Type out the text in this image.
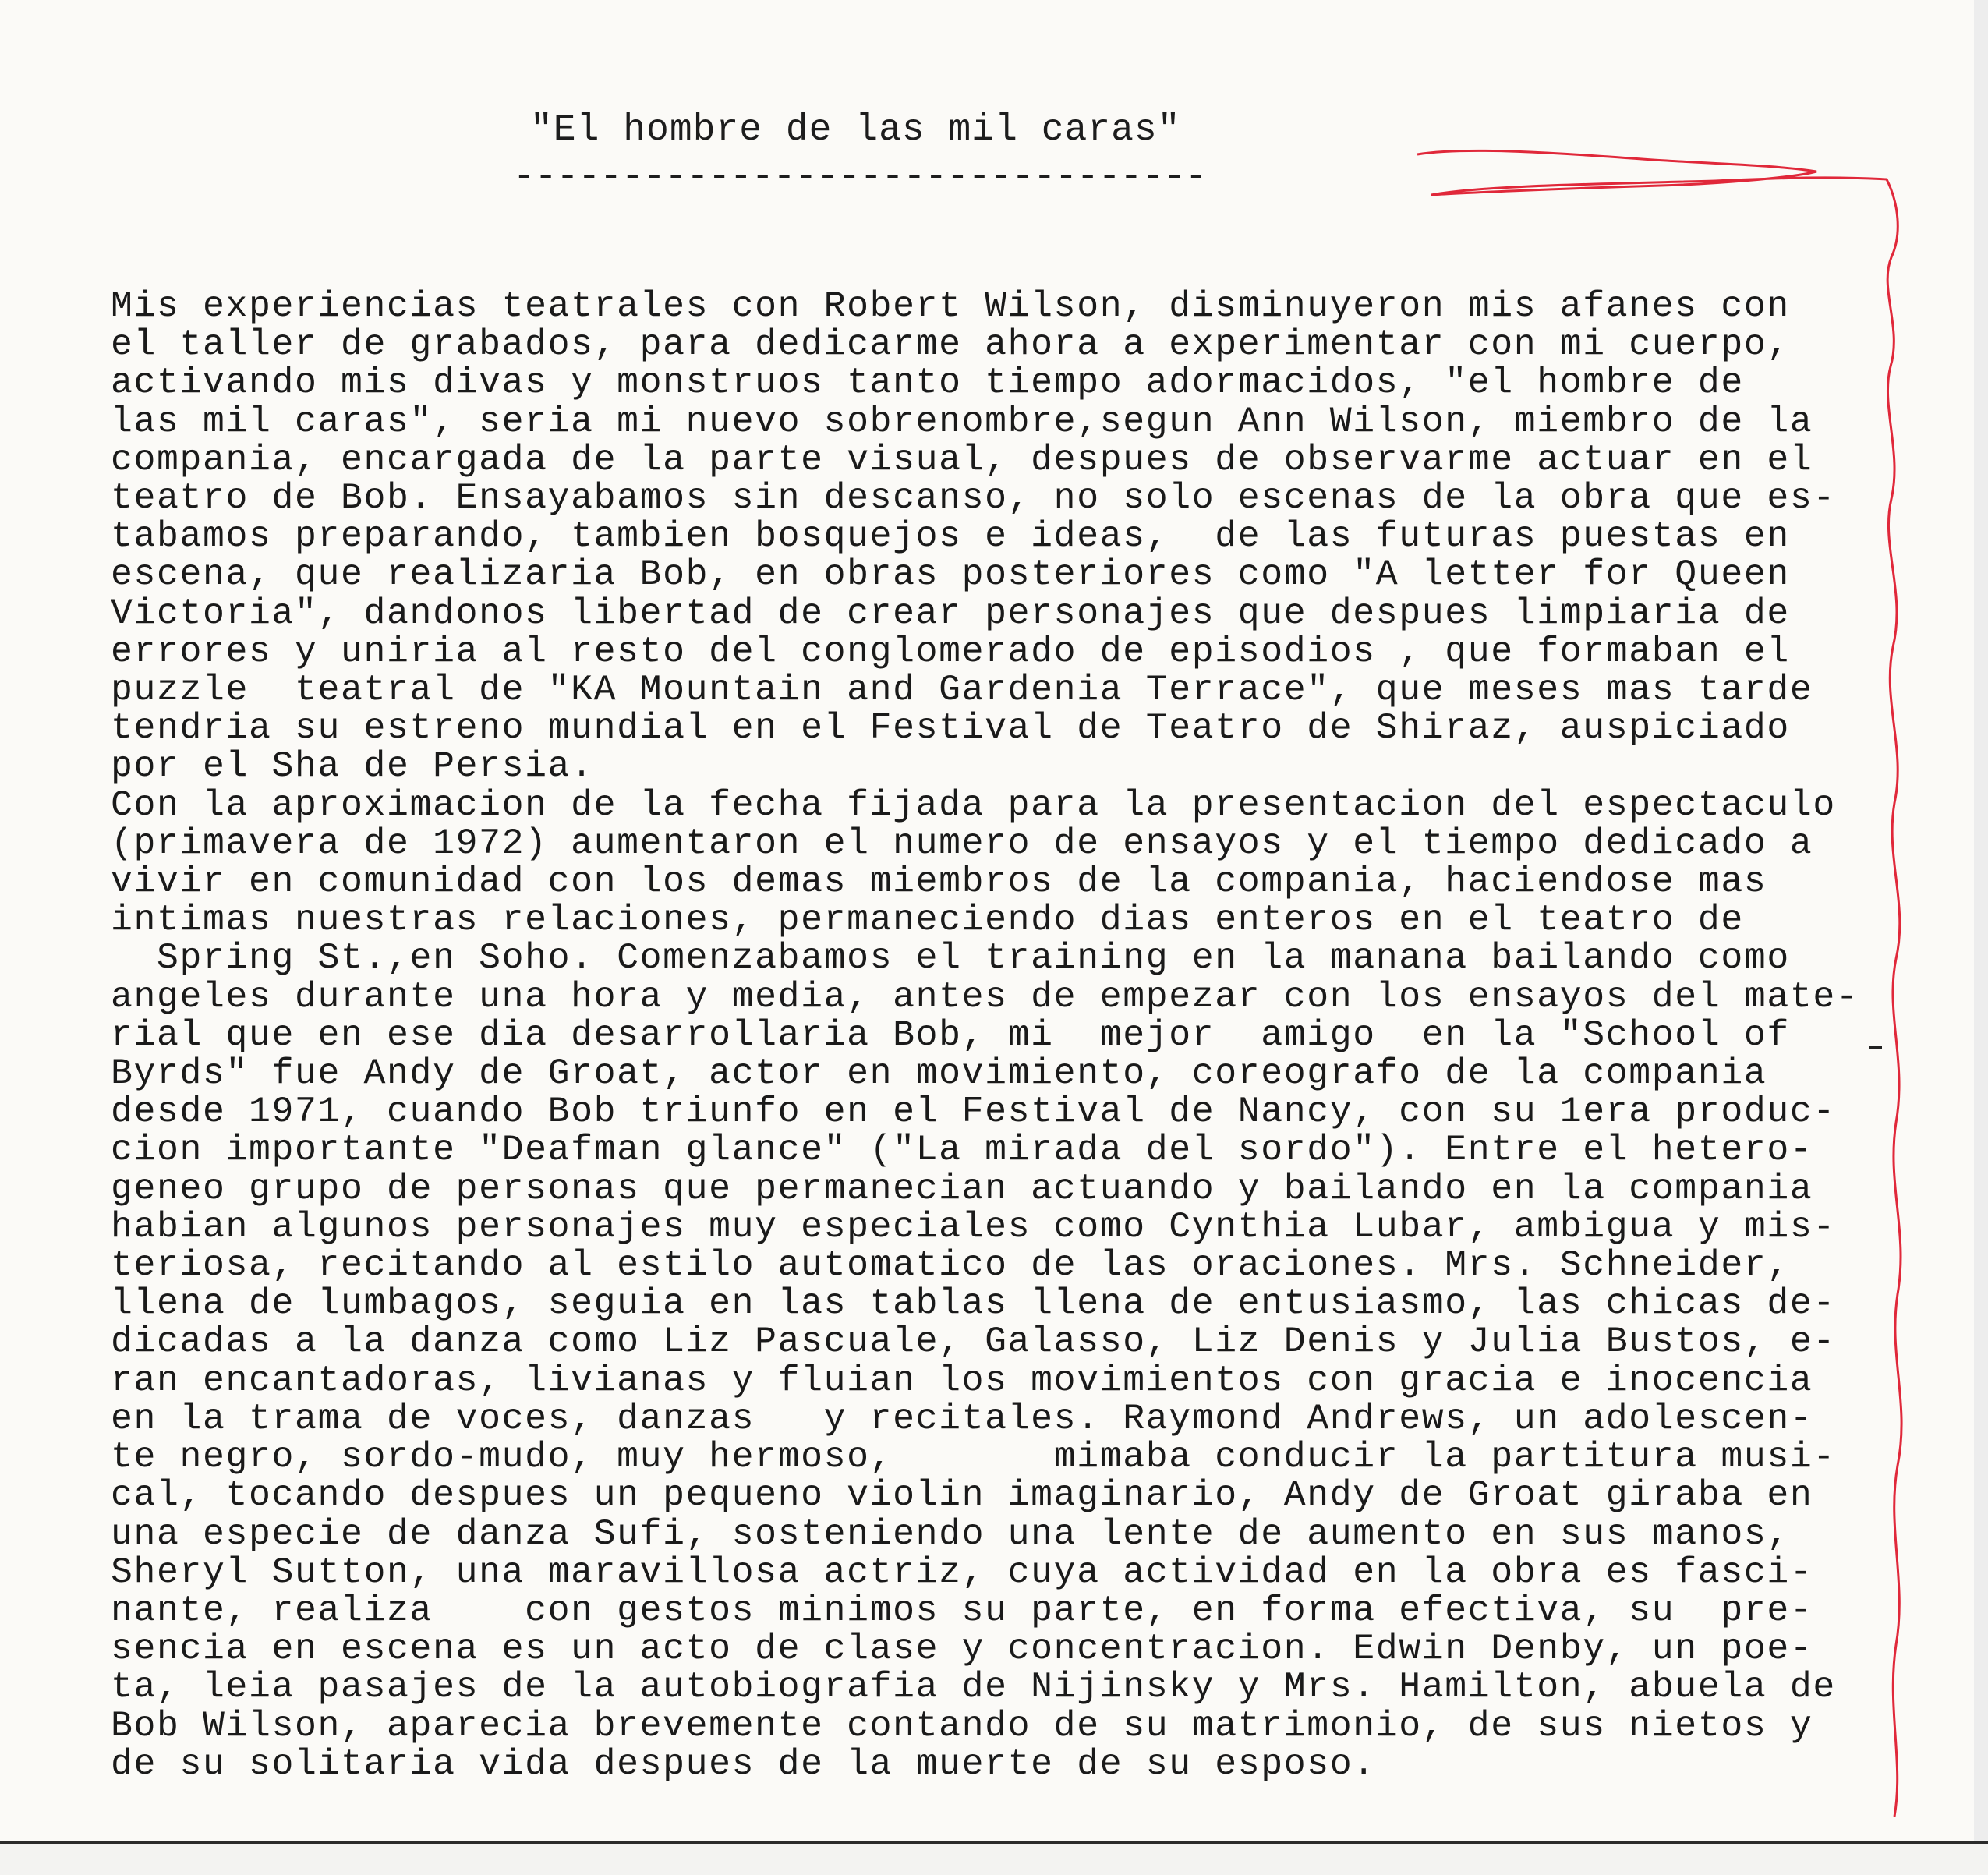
"El hombre de las mil caras"
--------------------------------
Mis experiencias teatrales con Robert Wilson, disminuyeron mis afanes con
el taller de grabados, para dedicarme ahora a experimentar con mi cuerpo,
activando mis divas y monstruos tanto tiempo adormacidos, "el hombre de
las mil caras", seria mi nuevo sobrenombre,segun Ann Wilson, miembro de la
compania, encargada de la parte visual, despues de observarme actuar en el
teatro de Bob. Ensayabamos sin descanso, no solo escenas de la obra que es-
tabamos preparando, tambien bosquejos e ideas,  de las futuras puestas en
escena, que realizaria Bob, en obras posteriores como "A letter for Queen
Victoria", dandonos libertad de crear personajes que despues limpiaria de
errores y uniria al resto del conglomerado de episodios , que formaban el
puzzle  teatral de "KA Mountain and Gardenia Terrace", que meses mas tarde
tendria su estreno mundial en el Festival de Teatro de Shiraz, auspiciado
por el Sha de Persia.
Con la aproximacion de la fecha fijada para la presentacion del espectaculo
(primavera de 1972) aumentaron el numero de ensayos y el tiempo dedicado a
vivir en comunidad con los demas miembros de la compania, haciendose mas
intimas nuestras relaciones, permaneciendo dias enteros en el teatro de
Spring St.,en Soho. Comenzabamos el training en la manana bailando como
angeles durante una hora y media, antes de empezar con los ensayos del mate-
rial que en ese dia desarrollaria Bob, mi  mejor  amigo  en la "School of
Byrds" fue Andy de Groat, actor en movimiento, coreografo de la compania
desde 1971, cuando Bob triunfo en el Festival de Nancy, con su 1era produc-
cion importante "Deafman glance" ("La mirada del sordo"). Entre el hetero-
geneo grupo de personas que permanecian actuando y bailando en la compania
habian algunos personajes muy especiales como Cynthia Lubar, ambigua y mis-
teriosa, recitando al estilo automatico de las oraciones. Mrs. Schneider,
llena de lumbagos, seguia en las tablas llena de entusiasmo, las chicas de-
dicadas a la danza como Liz Pascuale, Galasso, Liz Denis y Julia Bustos, e-
ran encantadoras, livianas y fluian los movimientos con gracia e inocencia
en la trama de voces, danzas   y recitales. Raymond Andrews, un adolescen-
te negro, sordo-mudo, muy hermoso,       mimaba conducir la partitura musi-
cal, tocando despues un pequeno violin imaginario, Andy de Groat giraba en
una especie de danza Sufi, sosteniendo una lente de aumento en sus manos,
Sheryl Sutton, una maravillosa actriz, cuya actividad en la obra es fasci-
nante, realiza    con gestos minimos su parte, en forma efectiva, su  pre-
sencia en escena es un acto de clase y concentracion. Edwin Denby, un poe-
ta, leia pasajes de la autobiografia de Nijinsky y Mrs. Hamilton, abuela de
Bob Wilson, aparecia brevemente contando de su matrimonio, de sus nietos y
de su solitaria vida despues de la muerte de su esposo.
